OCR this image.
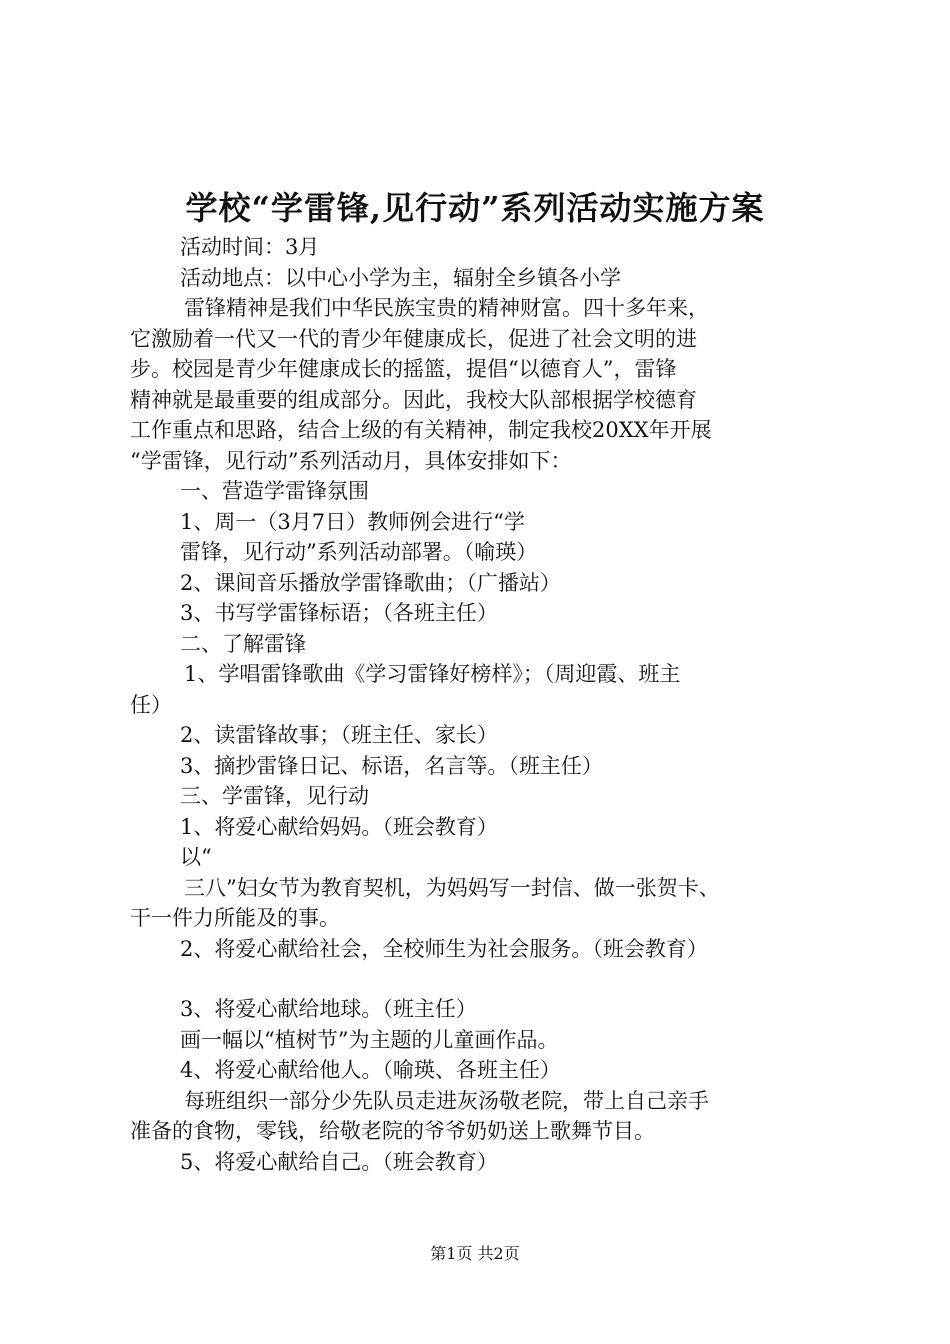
学校“学雷锋,见行动”系列活动实施方案

活动时间：3月

活动地点：以中心小学为主，辐射全乡镇各小学

雷锋精神是我们中华民族宝贵的精神财富。四十多年来，

它激励着一代又一代的青少年健康成长，促进了社会文明的进

步。校园是青少年健康成长的摇篮，提倡“以德育人”，雷锋

精神就是最重要的组成部分。因此，我校大队部根据学校德育

工作重点和思路，结合上级的有关精神，制定我校20XX年开展

“学雷锋，见行动”系列活动月，具体安排如下：

一、营造学雷锋氛围

1、周一（3月7日）教师例会进行“学

雷锋，见行动”系列活动部署。（喻瑛）

2、课间音乐播放学雷锋歌曲；（广播站）

3、书写学雷锋标语；（各班主任）

二、了解雷锋

1、学唱雷锋歌曲《学习雷锋好榜样》；（周迎霞、班主

任）

2、读雷锋故事；（班主任、家长）

3、摘抄雷锋日记、标语，名言等。（班主任）

三、学雷锋，见行动

1、将爱心献给妈妈。（班会教育）

以“

三八”妇女节为教育契机，为妈妈写一封信、做一张贺卡、

干一件力所能及的事。

2、将爱心献给社会，全校师生为社会服务。（班会教育）

3、将爱心献给地球。（班主任）

画一幅以“植树节”为主题的儿童画作品。

4、将爱心献给他人。（喻瑛、各班主任）

每班组织一部分少先队员走进灰汤敬老院，带上自己亲手

准备的食物，零钱，给敬老院的爷爷奶奶送上歌舞节目。

5、将爱心献给自己。（班会教育）

第1页 共2页
